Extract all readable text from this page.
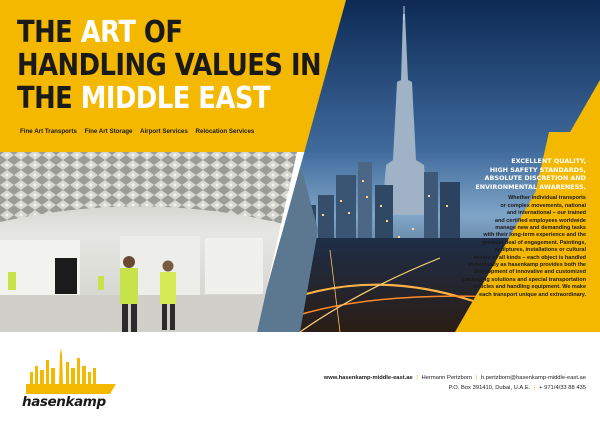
THE ART OF
HANDLING VALUES IN
THE MIDDLE EAST
Fine Art Transports Fine Art Storage Airport Services Relocation Services
EXCELLENT QUALITY,
HIGH SAFETY STANDARDS,
ABSOLUTE DISCRETION AND
ENVIRONMENTAL AWARENESS.
Whether individual transports
or complex movements, national
and international – our trained
and certified employees worldwide
manage new and demanding tasks
with their long-term experience and the
greatest deal of engagement. Paintings,
sculptures, installations or cultural
assets of all kinds – each object is handled
individually as hasenkamp provides both the
development of innovative and customized
packaging solutions and special transportation
vehicles and handling equipment. We make
each transport unique and extraordinary.
hasenkamp
www.hasenkamp-middle-east.ae | Hermann Pertzborn | h.pertzborn@hasenkamp-middle-east.ae
P.O. Box 391410, Dubai, U.A.E. | + 971/4/33 88 435
